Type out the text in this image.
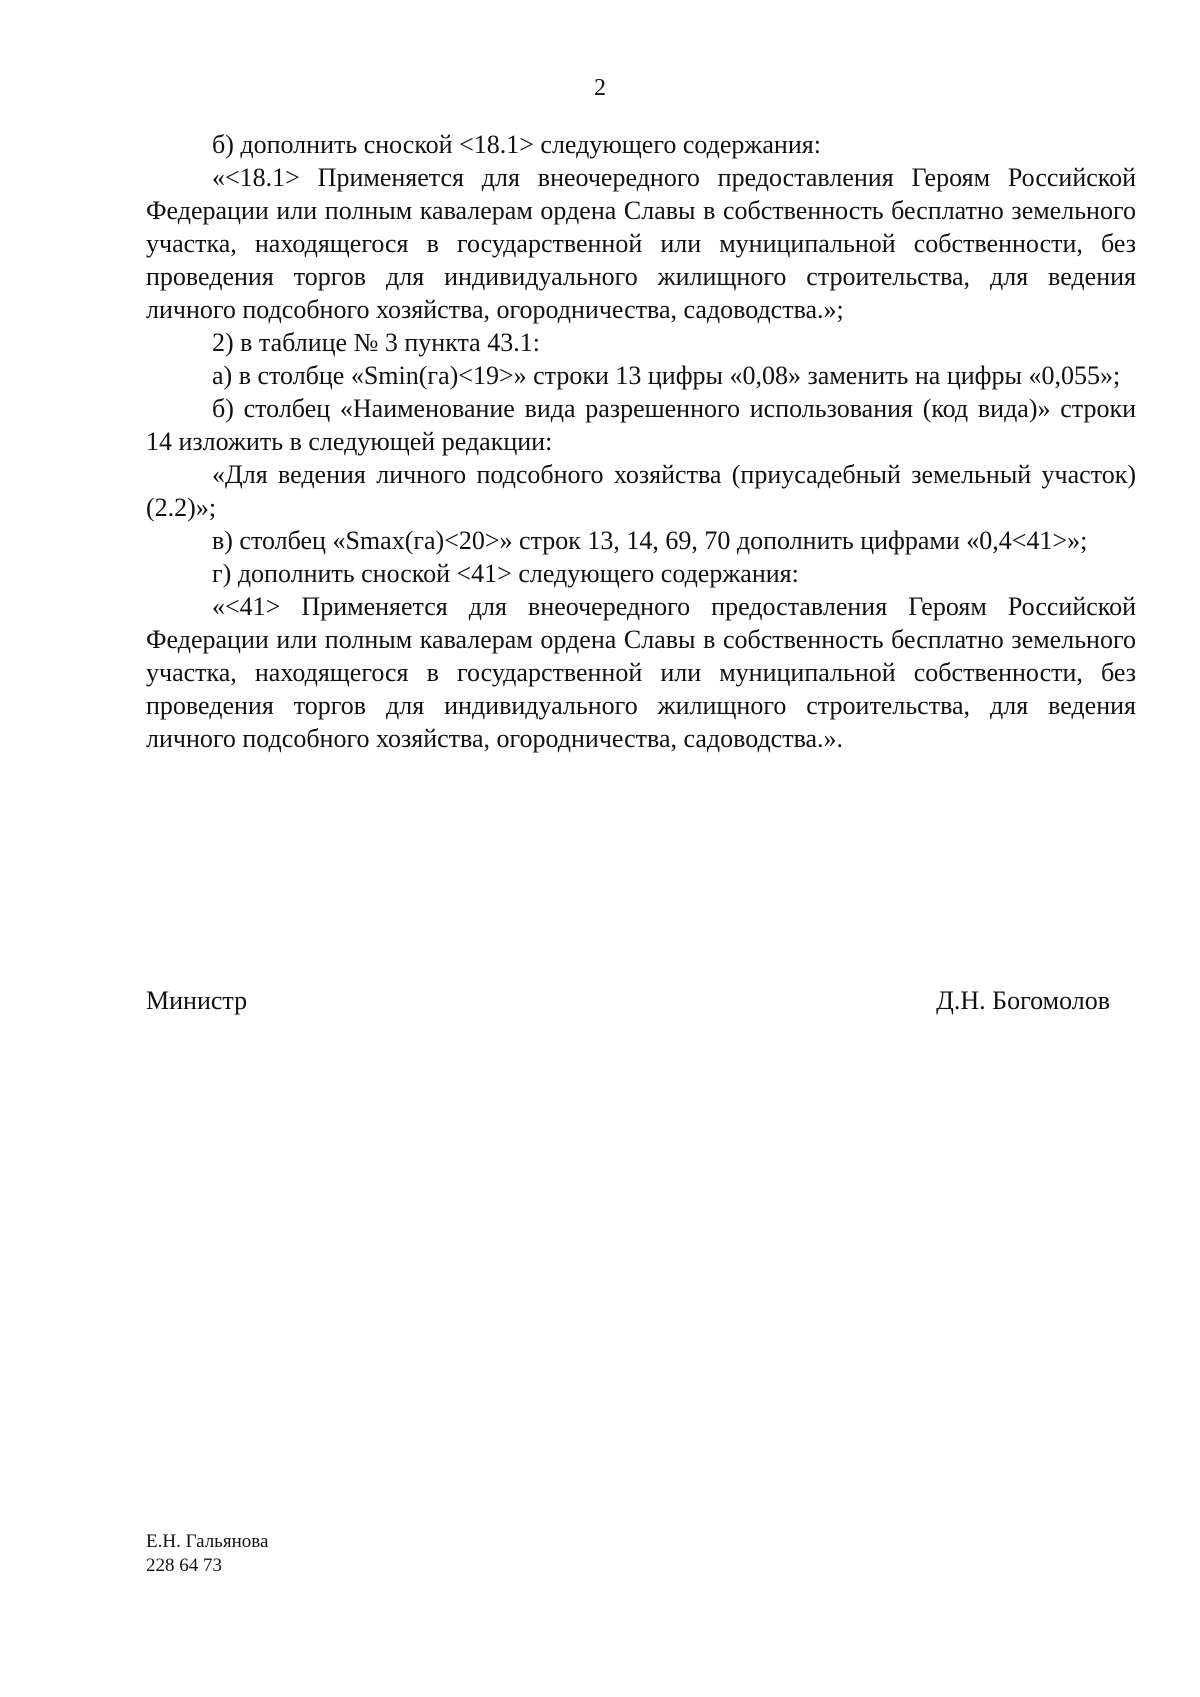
2

б) дополнить сноской <18.1> следующего содержания:

«<18.1> Применяется для внеочередного предоставления Героям Российской Федерации или полным кавалерам ордена Славы в собственность бесплатно земельного участка, находящегося в государственной или муниципальной собственности, без проведения торгов для индивидуального жилищного строительства, для ведения личного подсобного хозяйства, огородничества, садоводства.»;

2) в таблице № 3 пункта 43.1:

а) в столбце «Smin(га)<19>» строки 13 цифры «0,08» заменить на цифры «0,055»;

б) столбец «Наименование вида разрешенного использования (код вида)» строки 14 изложить в следующей редакции:

«Для ведения личного подсобного хозяйства (приусадебный земельный участок) (2.2)»;

в) столбец «Smax(га)<20>» строк 13, 14, 69, 70 дополнить цифрами «0,4<41>»;

г) дополнить сноской <41> следующего содержания:

«<41> Применяется для внеочередного предоставления Героям Российской Федерации или полным кавалерам ордена Славы в собственность бесплатно земельного участка, находящегося в государственной или муниципальной собственности, без проведения торгов для индивидуального жилищного строительства, для ведения личного подсобного хозяйства, огородничества, садоводства.».

Министр	Д.Н. Богомолов
Е.Н. Гальянова
228 64 73
